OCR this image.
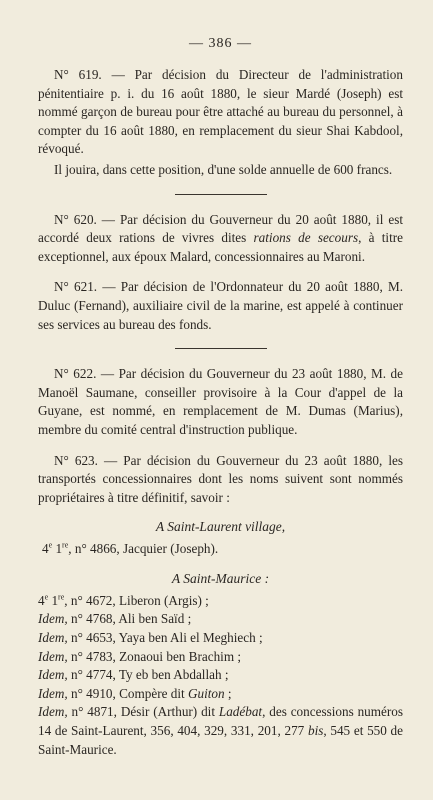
— 386 —

N° 619. — Par décision du Directeur de l'administration pénitentiaire p. i. du 16 août 1880, le sieur Mardé (Joseph) est nommé garçon de bureau pour être attaché au bureau du personnel, à compter du 16 août 1880, en remplacement du sieur Shai Kabdool, révoqué.

Il jouira, dans cette position, d'une solde annuelle de 600 francs.

N° 620. — Par décision du Gouverneur du 20 août 1880, il est accordé deux rations de vivres dites rations de secours, à titre exceptionnel, aux époux Malard, concessionnaires au Maroni.

N° 621. — Par décision de l'Ordonnateur du 20 août 1880, M. Duluc (Fernand), auxiliaire civil de la marine, est appelé à continuer ses services au bureau des fonds.

N° 622. — Par décision du Gouverneur du 23 août 1880, M. de Manoël Saumane, conseiller provisoire à la Cour d'appel de la Guyane, est nommé, en remplacement de M. Dumas (Marius), membre du comité central d'instruction publique.

N° 623. — Par décision du Gouverneur du 23 août 1880, les transportés concessionnaires dont les noms suivent sont nommés propriétaires à titre définitif, savoir :

A Saint-Laurent village,
4e 1re, n° 4866, Jacquier (Joseph).
A Saint-Maurice :
4e 1re, n° 4672, Liberon (Argis) ;
Idem, n° 4768, Ali ben Saïd ;
Idem, n° 4653, Yaya ben Ali el Meghiech ;
Idem, n° 4783, Zonaoui ben Brachim ;
Idem, n° 4774, Ty eb ben Abdallah ;
Idem, n° 4910, Compère dit Guiton ;

Idem, n° 4871, Désir (Arthur) dit Ladébat, des concessions numéros 14 de Saint-Laurent, 356, 404, 329, 331, 201, 277 bis, 545 et 550 de Saint-Maurice.
